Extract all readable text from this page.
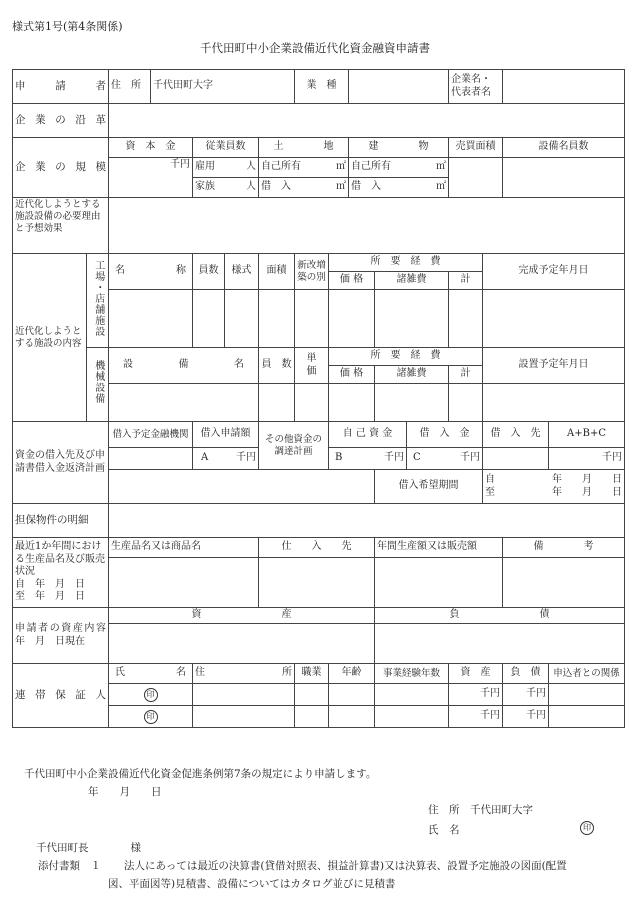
様式第1号(第4条関係)
千代田町中小企業設備近代化資金融資申請書
申　請　者		住　所	千代田町大字				業　種					企業名・代表者名			
企業の沿革															
企業の規模		資　本　金		従業員数		土　　　　地			建　　　　物			売買面積		設備名員数	
		千円		雇用 人		自己所有 ㎡			自己所有 ㎡						

				家族 人		借　入 ㎡			借　入 ㎡						

近代化しようとする施設設備の必要理由と予想効果															
近代化しようとする施設の内容	工場・店舗施設	名　　　称		員数	様式	面積	新改増築の別	所　要　経　費					完成予定年月日		
								価 格		諸雑費		計			

	機械設備	設　　備　　名				員　数	単　価	所　要　経　費					設置予定年月日		
								価 格		諸雑費		計			

資金の借入先及び申請書借入金返済計画		借入予定金融機関		借入申請額		その他資金の調達計画		自 己 資 金			借　入　金		借　入　先		A+B+C
				A 千円				B 千円			C 千円				千円
										借入希望期間			自 年　　月　　日
至 年　　月　　日		

担保物件の明細															

最近1か年間における生産品名及び販売状況
自　年　月　日
至　年　月　日		生産品名又は商品名				仕　　入　　先				年間生産額又は販売額				備　　　　考	

申請者の資産内容
年　月　日現在		資　　　　　　　　産								負　　　　　　　　債					

連帯保証人		氏　　名		住　　　　所			職業	年齢		事業経験年数		資　産		負　債	申込者との関係
		印										千円		千円	
		印										千円		千円	
千代田町中小企業設備近代化資金促進条例第7条の規定により申請します。
年　　月　　日
住　所　 千代田町大字
氏　名	印
千代田町長　　　　様
添付書類　１ 法人にあっては最近の決算書(貸借対照表、損益計算書)又は決算表、設置予定施設の図面(配置
図、平面図等)見積書、設備についてはカタログ並びに見積書
